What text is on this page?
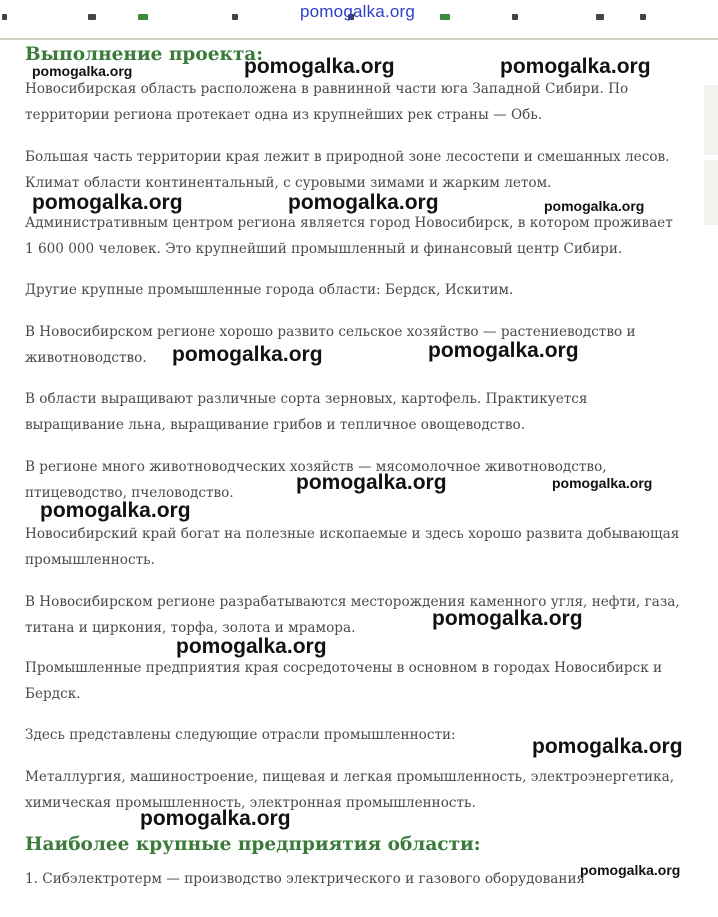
pomogalka.org
Выполнение проекта:

Новосибирская область расположена в равнинной части юга Западной Сибири. По
территории региона протекает одна из крупнейших рек страны — Обь.

Большая часть территории края лежит в природной зоне лесостепи и смешанных лесов.
Климат области континентальный, с суровыми зимами и жарким летом.

Административным центром региона является город Новосибирск, в котором проживает
1 600 000 человек. Это крупнейший промышленный и финансовый центр Сибири.

Другие крупные промышленные города области: Бердск, Искитим.

В Новосибирском регионе хорошо развито сельское хозяйство — растениеводство и
животноводство.

В области выращивают различные сорта зерновых, картофель. Практикуется
выращивание льна, выращивание грибов и тепличное овощеводство.

В регионе много животноводческих хозяйств — мясомолочное животноводство,
птицеводство, пчеловодство.

Новосибирский край богат на полезные ископаемые и здесь хорошо развита добывающая
промышленность.

В Новосибирском регионе разрабатываются месторождения каменного угля, нефти, газа,
титана и циркония, торфа, золота и мрамора.

Промышленные предприятия края сосредоточены в основном в городах Новосибирск и
Бердск.

Здесь представлены следующие отрасли промышленности:

Металлургия, машиностроение, пищевая и легкая промышленность, электроэнергетика,
химическая промышленность, электронная промышленность.

Наиболее крупные предприятия области:

1. Сибэлектротерм — производство электрического и газового оборудования

pomogalka.org	pomogalka.org	pomogalka.org
pomogalka.org	pomogalka.org	pomogalka.org
pomogalka.org	pomogalka.org
pomogalka.org	pomogalka.org
pomogalka.org
pomogalka.org
pomogalka.org
pomogalka.org
pomogalka.org
pomogalka.org
